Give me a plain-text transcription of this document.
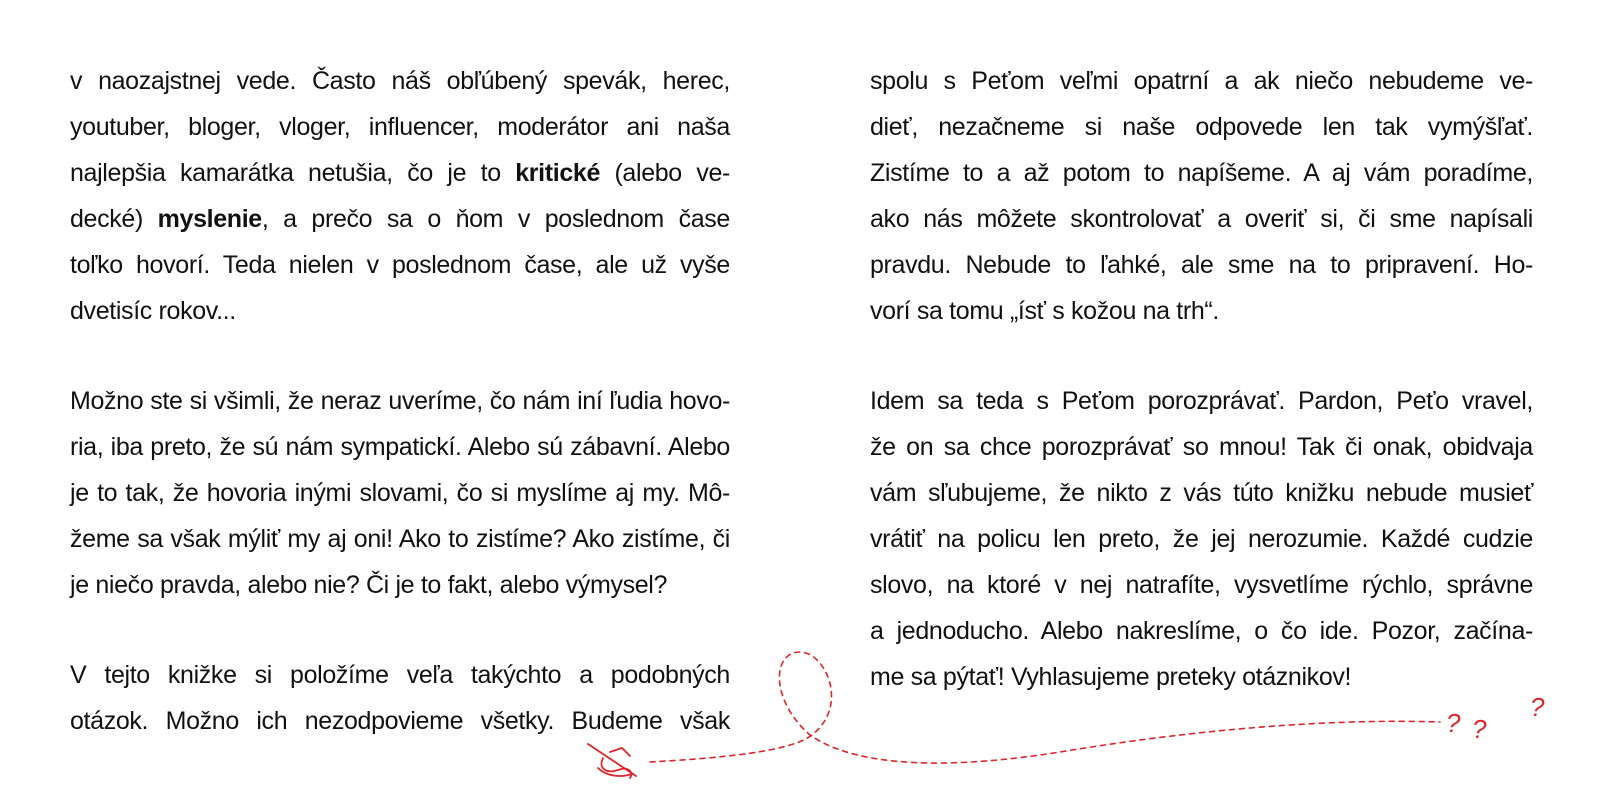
v naozajstnej vede. Často náš obľúbený spevák, herec,
youtuber, bloger, vloger, influencer, moderátor ani naša
najlepšia kamarátka netušia, čo je to kritické (alebo ve-
decké) myslenie, a prečo sa o ňom v poslednom čase
toľko hovorí. Teda nielen v poslednom čase, ale už vyše
dvetisíc rokov...

Možno ste si všimli, že neraz uveríme, čo nám iní ľudia hovo-
ria, iba preto, že sú nám sympatickí. Alebo sú zábavní. Alebo
je to tak, že hovoria inými slovami, čo si myslíme aj my. Mô-
žeme sa však mýliť my aj oni! Ako to zistíme? Ako zistíme, či
je niečo pravda, alebo nie? Či je to fakt, alebo výmysel?

V tejto knižke si položíme veľa takýchto a podobných
otázok. Možno ich nezodpovieme všetky. Budeme však

spolu s Peťom veľmi opatrní a ak niečo nebudeme ve-
dieť, nezačneme si naše odpovede len tak vymýšľať.
Zistíme to a až potom to napíšeme. A aj vám poradíme,
ako nás môžete skontrolovať a overiť si, či sme napísali
pravdu. Nebude to ľahké, ale sme na to pripravení. Ho-
vorí sa tomu „ísť s kožou na trh“.

Idem sa teda s Peťom porozprávať. Pardon, Peťo vravel,
že on sa chce porozprávať so mnou! Tak či onak, obidvaja
vám sľubujeme, že nikto z vás túto knižku nebude musieť
vrátiť na policu len preto, že jej nerozumie. Každé cudzie
slovo, na ktoré v nej natrafíte, vysvetlíme rýchlo, správne
a jednoducho. Alebo nakreslíme, o čo ide. Pozor, začína-
me sa pýtať! Vyhlasujeme preteky otáznikov!

? ?
?
